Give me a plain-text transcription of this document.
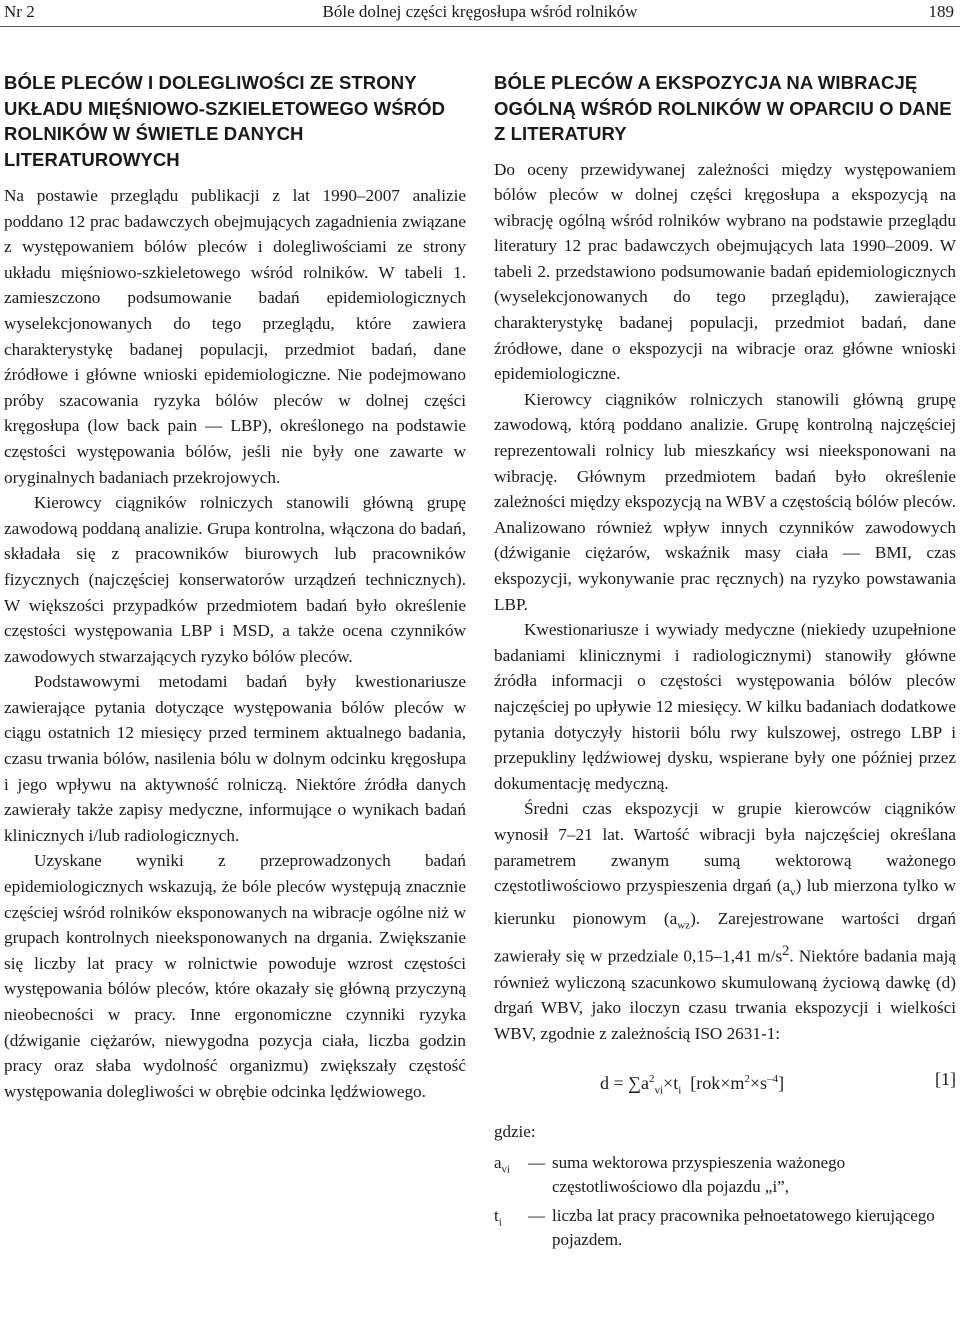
Nr 2	Bóle dolnej części kręgosłupa wśród rolników	189
BÓLE PLECÓW I DOLEGLIWOŚCI ZE STRONY UKŁADU MIĘŚNIOWO-SZKIELETOWEGO WŚRÓD ROLNIKÓW W ŚWIETLE DANYCH LITERATUROWYCH

Na postawie przeglądu publikacji z lat 1990–2007 analizie poddano 12 prac badawczych obejmujących zagadnienia związane z występowaniem bólów pleców i dolegliwościami ze strony układu mięśniowo-szkieletowego wśród rolników. W tabeli 1. zamieszczono podsumowanie badań epidemiologicznych wyselekcjonowanych do tego przeglądu, które zawiera charakterystykę badanej populacji, przedmiot badań, dane źródłowe i główne wnioski epidemiologiczne. Nie podejmowano próby szacowania ryzyka bólów pleców w dolnej części kręgosłupa (low back pain — LBP), określonego na podstawie częstości występowania bólów, jeśli nie były one zawarte w oryginalnych badaniach przekrojowych.

Kierowcy ciągników rolniczych stanowili główną grupę zawodową poddaną analizie. Grupa kontrolna, włączona do badań, składała się z pracowników biurowych lub pracowników fizycznych (najczęściej konserwatorów urządzeń technicznych). W większości przypadków przedmiotem badań było określenie częstości występowania LBP i MSD, a także ocena czynników zawodowych stwarzających ryzyko bólów pleców.

Podstawowymi metodami badań były kwestionariusze zawierające pytania dotyczące występowania bólów pleców w ciągu ostatnich 12 miesięcy przed terminem aktualnego badania, czasu trwania bólów, nasilenia bólu w dolnym odcinku kręgosłupa i jego wpływu na aktywność rolniczą. Niektóre źródła danych zawierały także zapisy medyczne, informujące o wynikach badań klinicznych i/lub radiologicznych.

Uzyskane wyniki z przeprowadzonych badań epidemiologicznych wskazują, że bóle pleców występują znacznie częściej wśród rolników eksponowanych na wibracje ogólne niż w grupach kontrolnych nieeksponowanych na drgania. Zwiększanie się liczby lat pracy w rolnictwie powoduje wzrost częstości występowania bólów pleców, które okazały się główną przyczyną nieobecności w pracy. Inne ergonomiczne czynniki ryzyka (dźwiganie ciężarów, niewygodna pozycja ciała, liczba godzin pracy oraz słaba wydolność organizmu) zwiększały częstość występowania dolegliwości w obrębie odcinka lędźwiowego.

BÓLE PLECÓW A EKSPOZYCJA NA WIBRACJĘ OGÓLNĄ WŚRÓD ROLNIKÓW W OPARCIU O DANE Z LITERATURY

Do oceny przewidywanej zależności między występowaniem bólów pleców w dolnej części kręgosłupa a ekspozycją na wibrację ogólną wśród rolników wybrano na podstawie przeglądu literatury 12 prac badawczych obejmujących lata 1990–2009. W tabeli 2. przedstawiono podsumowanie badań epidemiologicznych (wyselekcjonowanych do tego przeglądu), zawierające charakterystykę badanej populacji, przedmiot badań, dane źródłowe, dane o ekspozycji na wibracje oraz główne wnioski epidemiologiczne.

Kierowcy ciągników rolniczych stanowili główną grupę zawodową, którą poddano analizie. Grupę kontrolną najczęściej reprezentowali rolnicy lub mieszkańcy wsi nieeksponowani na wibrację. Głównym przedmiotem badań było określenie zależności między ekspozycją na WBV a częstością bólów pleców. Analizowano również wpływ innych czynników zawodowych (dźwiganie ciężarów, wskaźnik masy ciała — BMI, czas ekspozycji, wykonywanie prac ręcznych) na ryzyko powstawania LBP.

Kwestionariusze i wywiady medyczne (niekiedy uzupełnione badaniami klinicznymi i radiologicznymi) stanowiły główne źródła informacji o częstości występowania bólów pleców najczęściej po upływie 12 miesięcy. W kilku badaniach dodatkowe pytania dotyczyły historii bólu rwy kulszowej, ostrego LBP i przepukliny lędźwiowej dysku, wspierane były one później przez dokumentację medyczną.

Średni czas ekspozycji w grupie kierowców ciągników wynosił 7–21 lat. Wartość wibracji była najczęściej określana parametrem zwanym sumą wektorową ważonego częstotliwościowo przyspieszenia drgań $(a_v)$ lub mierzona tylko w kierunku pionowym $(a_{wz})$. Zarejestrowane wartości drgań zawierały się w przedziale 0,15–1,41 $m/s^2$. Niektóre badania mają również wyliczoną szacunkowo skumulowaną życiową dawkę (d) drgań WBV, jako iloczyn czasu trwania ekspozycji i wielkości WBV, zgodnie z zależnością ISO 2631-1:

$d = \sum a^2_{vi}\times t_i$ $[rok\times m^2\times s^{-4}]$	[1]
gdzie:
$a_{vi}$	— suma wektorowa przyspieszenia ważonego częstotliwościowo dla pojazdu „i”,
$t_i$	— liczba lat pracy pracownika pełnoetatowego kierującego pojazdem.
